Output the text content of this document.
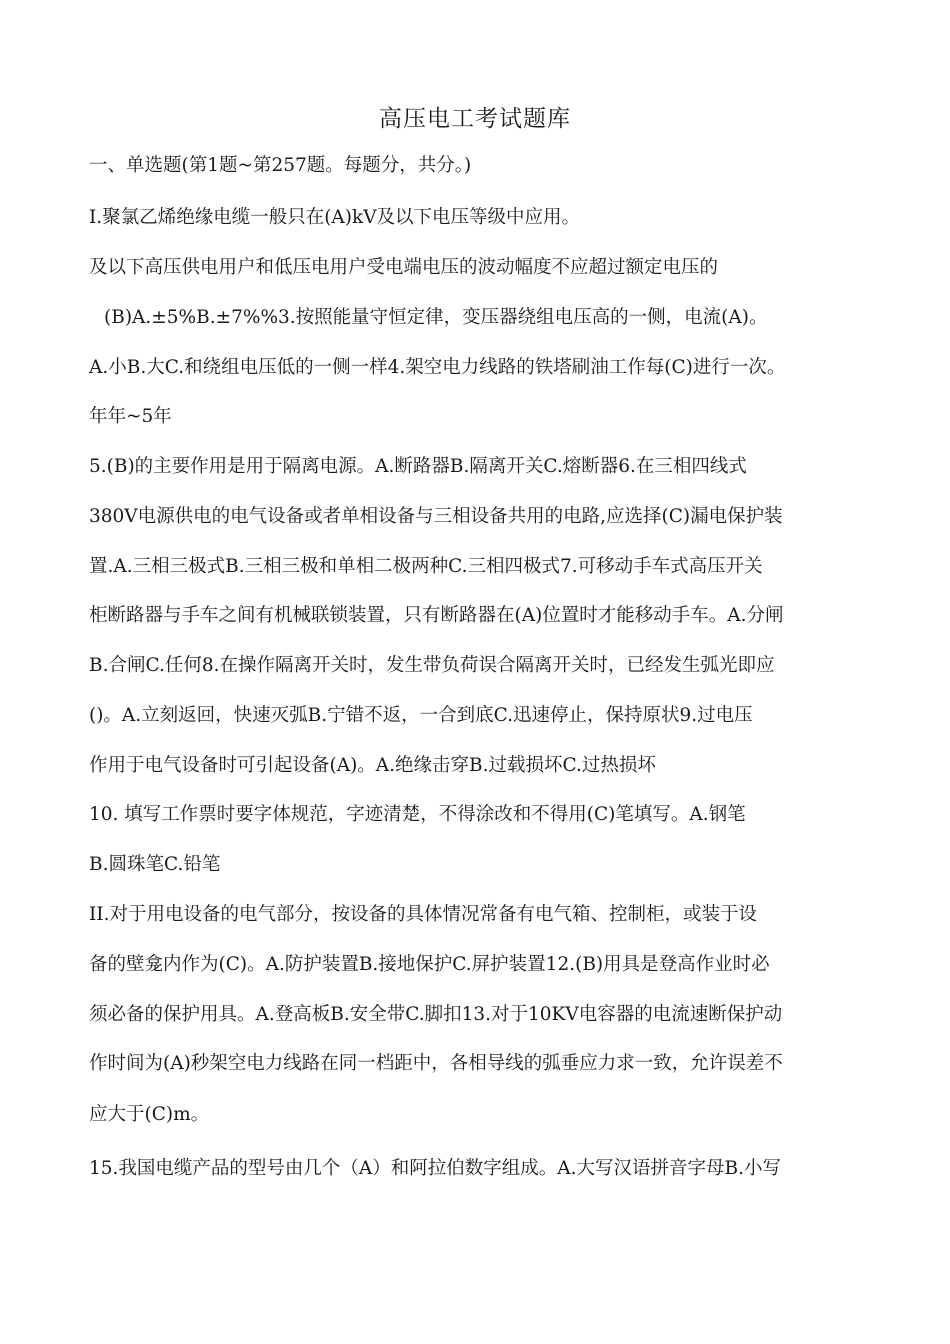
高压电工考试题库
一、单选题(第1题~第257题。每题分，共分。)
I.聚氯乙烯绝缘电缆一般只在(A)kV及以下电压等级中应用。
及以下高压供电用户和低压电用户受电端电压的波动幅度不应超过额定电压的
(B)A.±5%B.±7%%3.按照能量守恒定律，变压器绕组电压高的一侧，电流(A)。
A.小B.大C.和绕组电压低的一侧一样4.架空电力线路的铁塔刷油工作每(C)进行一次。
年年~5年
5.(B)的主要作用是用于隔离电源。A.断路器B.隔离开关C.熔断器6.在三相四线式
380V电源供电的电气设备或者单相设备与三相设备共用的电路,应选择(C)漏电保护装
置.A.三相三极式B.三相三极和单相二极两种C.三相四极式7.可移动手车式高压开关
柜断路器与手车之间有机械联锁装置，只有断路器在(A)位置时才能移动手车。A.分闸
B.合闸C.任何8.在操作隔离开关时，发生带负荷误合隔离开关时，已经发生弧光即应
()。A.立刻返回，快速灭弧B.宁错不返，一合到底C.迅速停止，保持原状9.过电压
作用于电气设备时可引起设备(A)。A.绝缘击穿B.过载损坏C.过热损坏
10. 填写工作票时要字体规范，字迹清楚，不得涂改和不得用(C)笔填写。A.钢笔
B.圆珠笔C.铅笔
II.对于用电设备的电气部分，按设备的具体情况常备有电气箱、控制柜，或装于设
备的壁龛内作为(C)。A.防护装置B.接地保护C.屏护装置12.(B)用具是登高作业时必
须必备的保护用具。A.登高板B.安全带C.脚扣13.对于10KV电容器的电流速断保护动
作时间为(A)秒架空电力线路在同一档距中，各相导线的弧垂应力求一致，允许误差不
应大于(C)m。
15.我国电缆产品的型号由几个（A）和阿拉伯数字组成。A.大写汉语拼音字母B.小写
